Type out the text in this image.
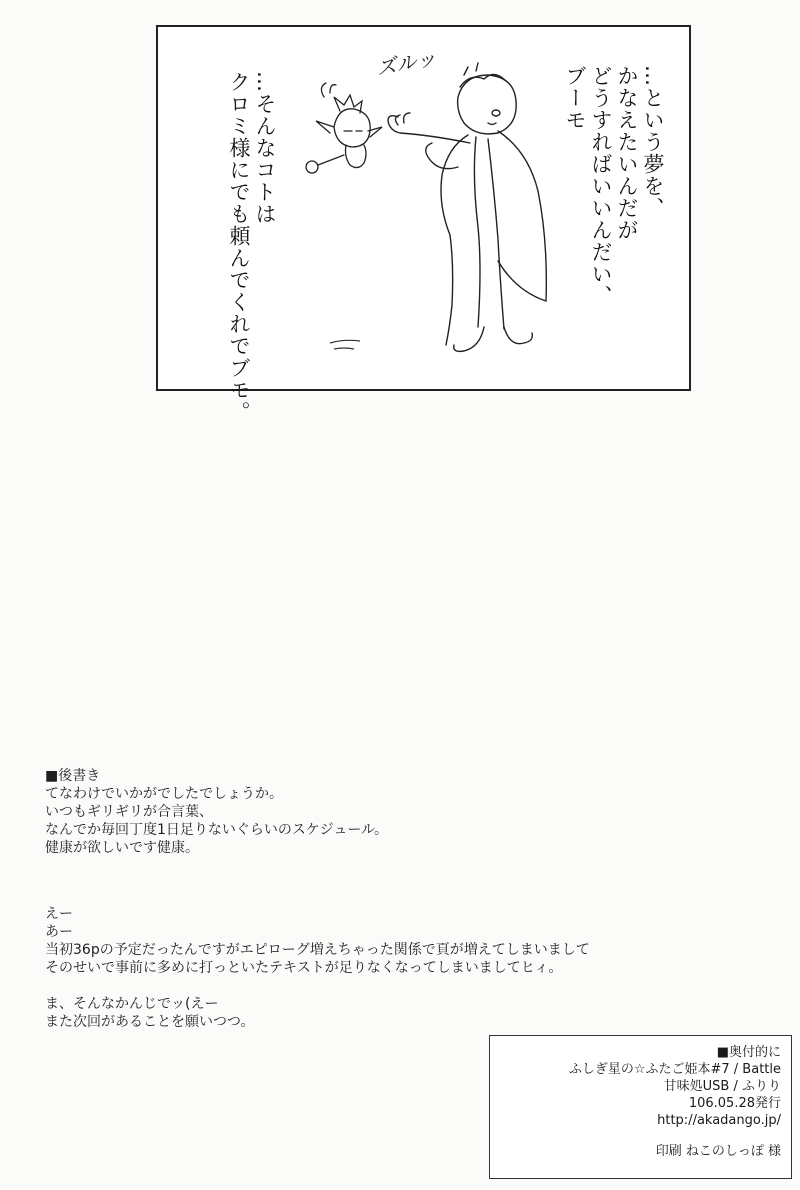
ズルッ
…という夢を、
かなえたいんだが
どうすればいいんだい、
ブーモ
…そんなコトは
クロミ様にでも頼んでくれでブモ。

■後書き

てなわけでいかがでしたでしょうか。

いつもギリギリが合言葉、

なんでか毎回丁度1日足りないぐらいのスケジュール。

健康が欲しいです健康。

えー

あー

当初36pの予定だったんですがエピローグ増えちゃった関係で頁が増えてしまいまして

そのせいで事前に多めに打っといたテキストが足りなくなってしまいましてヒィ。

ま、そんなかんじでッ(えー

また次回があることを願いつつ。

■奥付的に
ふしぎ星の☆ふたご姫本#7 / Battle
甘味処USB / ふりり
106.05.28発行
http://akadango.jp/
印刷 ねこのしっぽ 様
